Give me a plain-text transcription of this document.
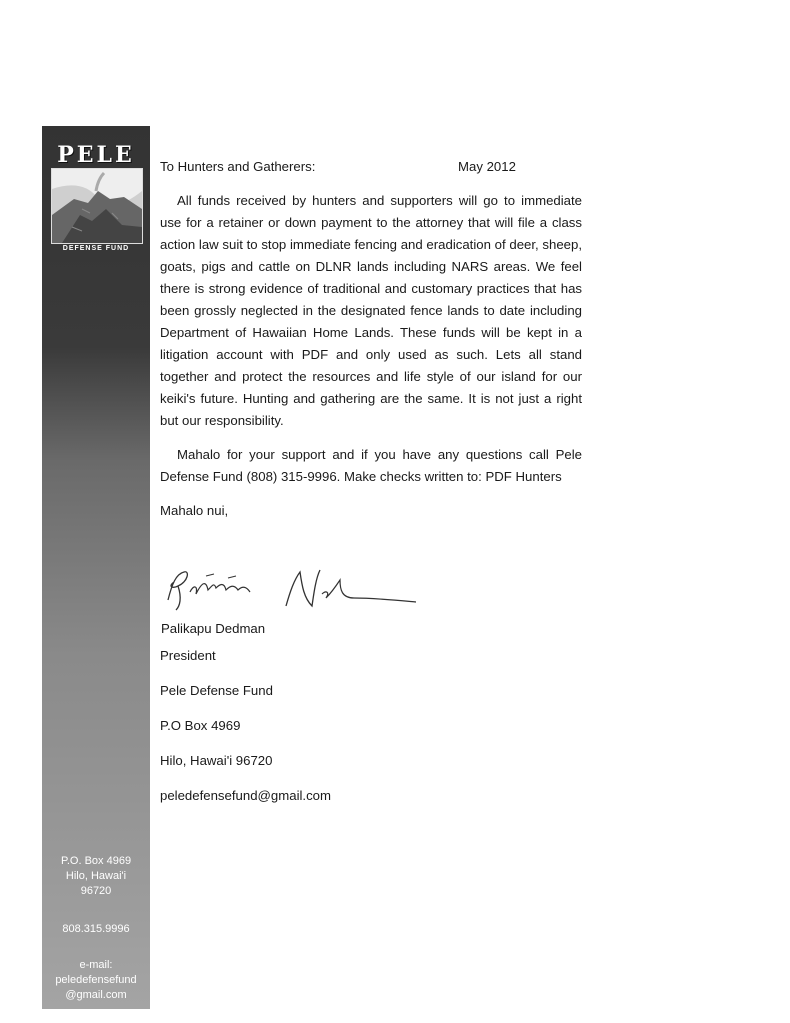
PELE
DEFENSE FUND
P.O. Box 4969
Hilo, Hawai'i
96720
808.315.9996
e-mail:
peledefensefund
@gmail.com
To Hunters and Gatherers:	May 2012

All funds received by hunters and supporters will go to immediate use for a retainer or down payment to the attorney that will file a class action law suit to stop immediate fencing and eradication of deer, sheep, goats, pigs and cattle on DLNR lands including NARS areas. We feel there is strong evidence of traditional and customary practices that has been grossly neglected in the designated fence lands to date including Department of Hawaiian Home Lands. These funds will be kept in a litigation account with PDF and only used as such. Lets all stand together and protect the resources and life style of our island for our keiki's future. Hunting and gathering are the same. It is not just a right but our responsibility.

Mahalo for your support and if you have any questions call Pele Defense Fund (808) 315-9996. Make checks written to: PDF Hunters

Mahalo nui,
Palikapu Dedman
President
Pele Defense Fund
P.O Box 4969
Hilo, Hawai'i 96720
peledefensefund@gmail.com
